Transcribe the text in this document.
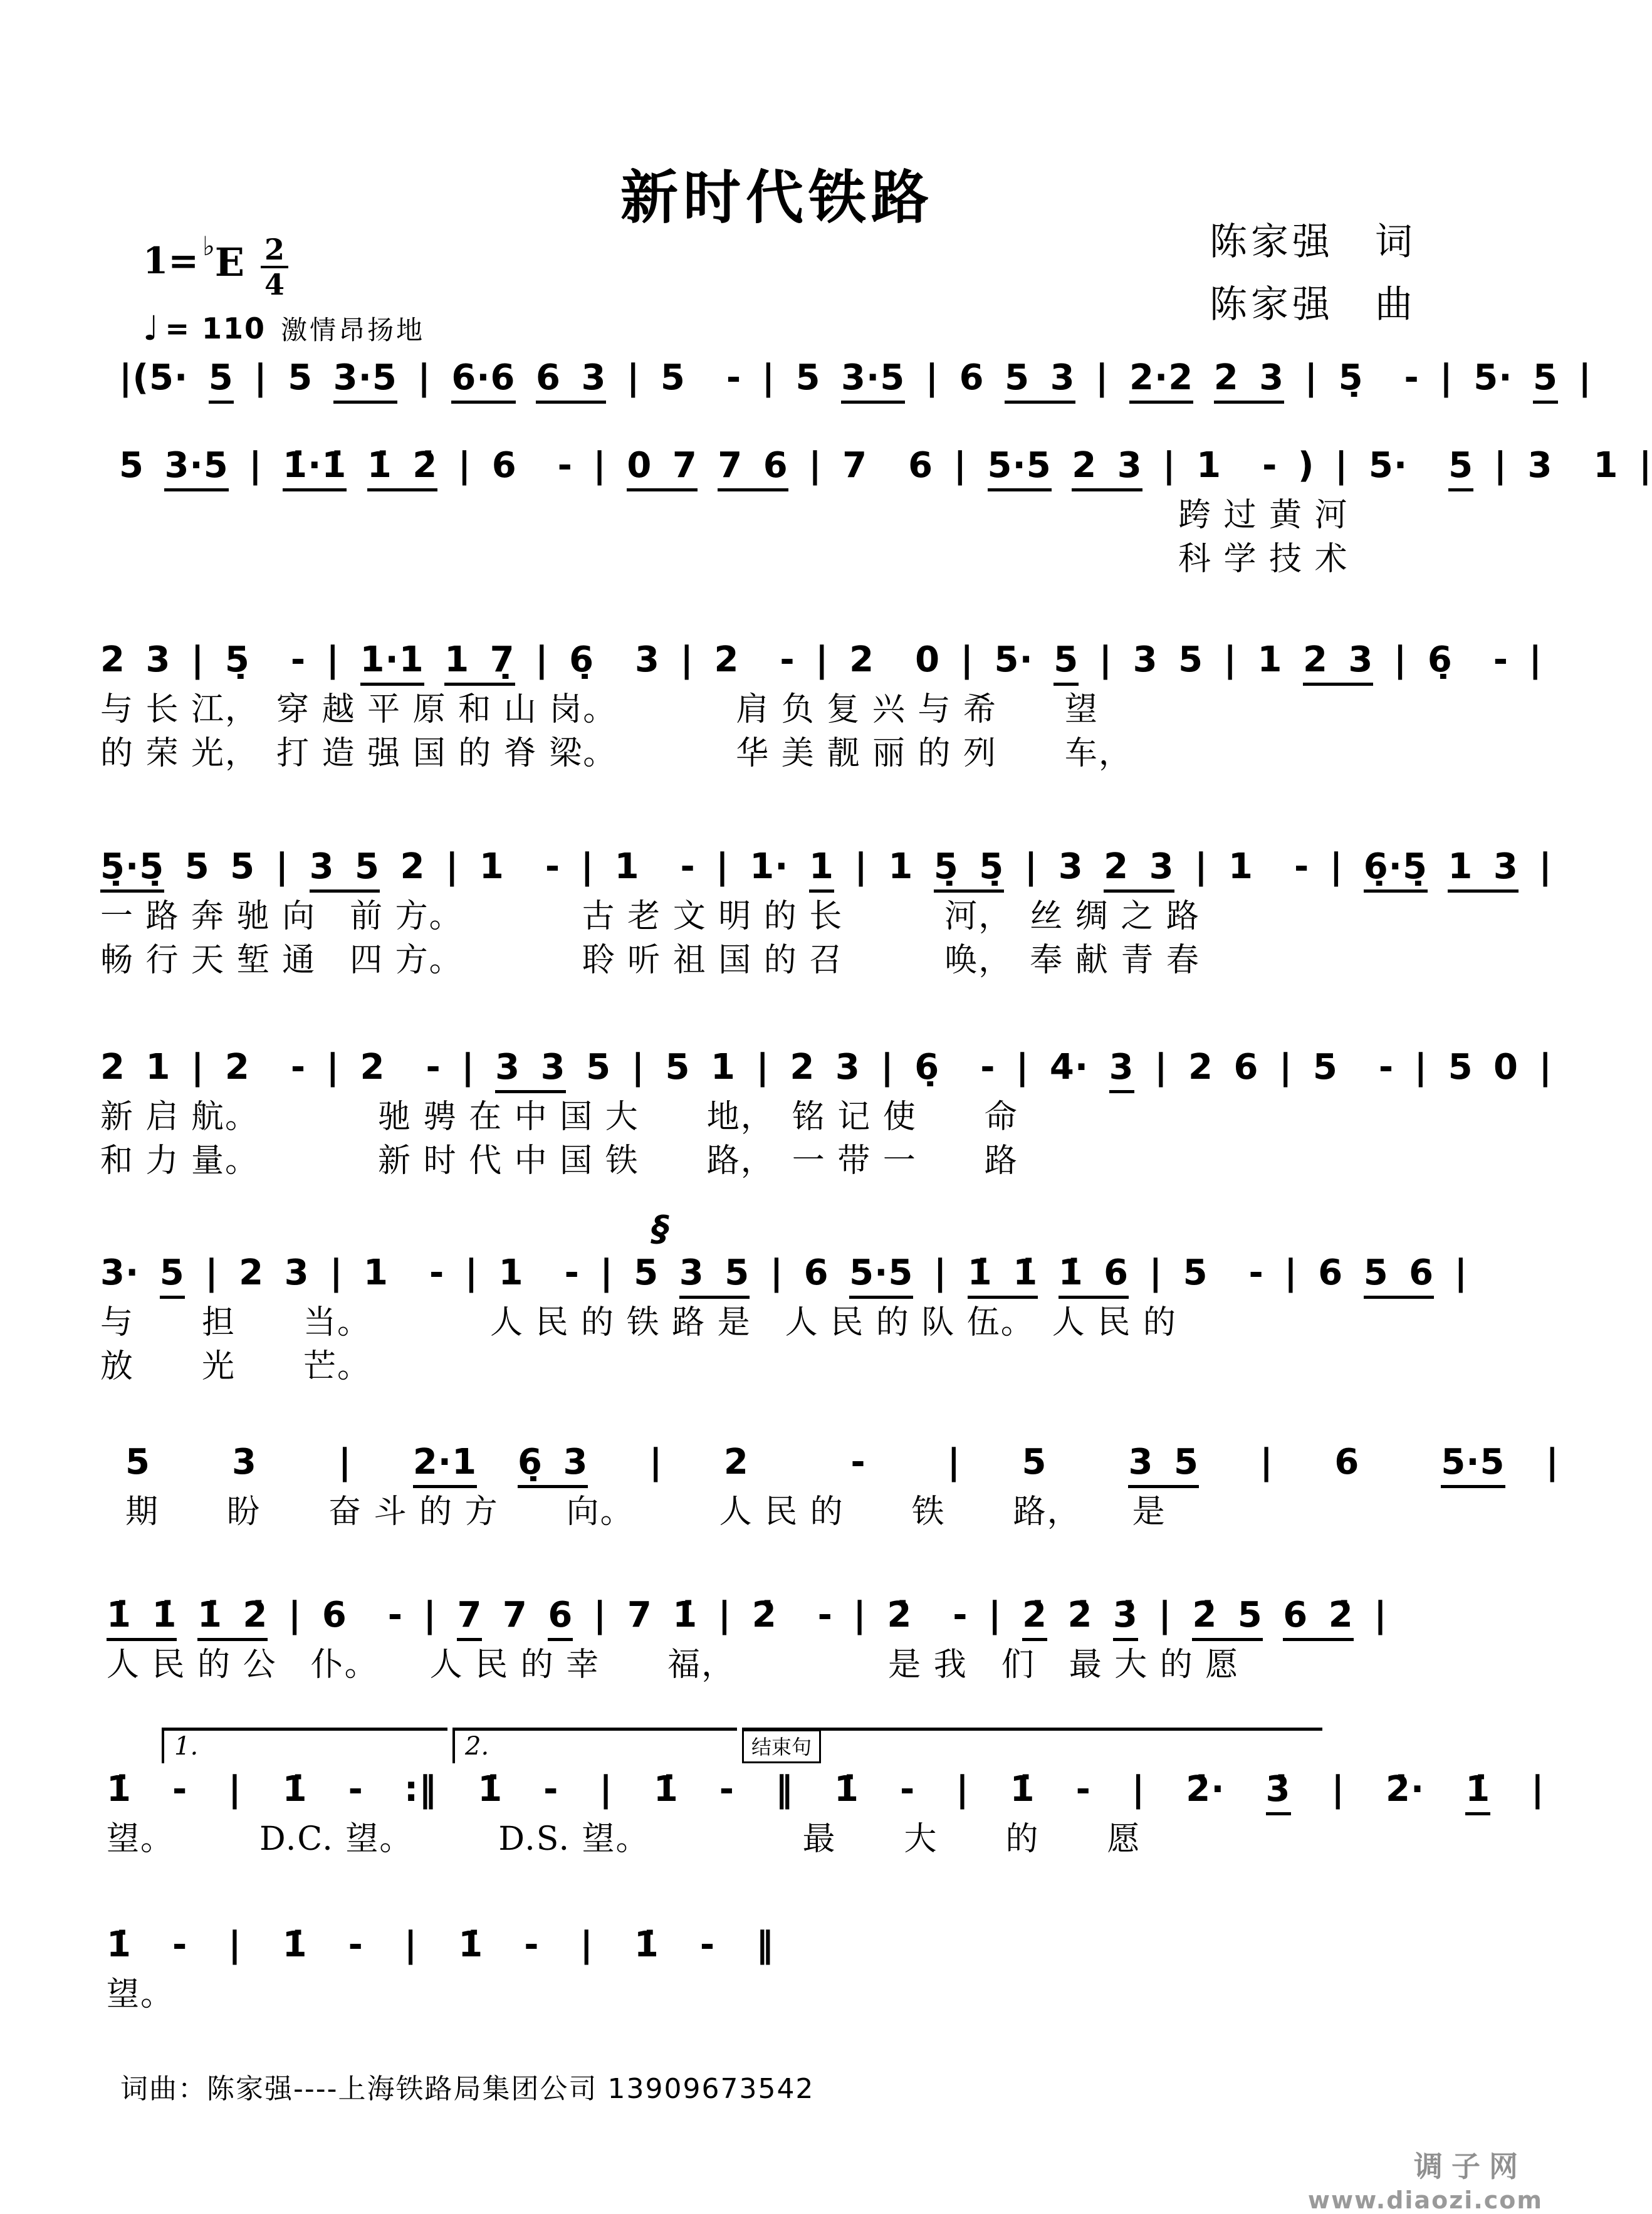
新时代铁路
陈家强　词
陈家强　曲
1= ♭ E $\frac{2}{4}$
♩ = 110 激情昂扬地
|(5· 5 | 5 3·5 | 6·6 6 3 | 5  - | 5 3·5 | 6 5 3 | 2·2 2 3 | 5̣  - | 5· 5 |
5 3·5 | 1̇·1̇ 1̇ 2̇ | 6  - | 0 7 7 6 | 7  6 | 5·5 2 3 | 1  - ) | 5·  5 | 3  1 |
跨 过 黄 河
科 学 技 术
2 3 | 5̣  - | 1·1 1 7̣ | 6̣  3 | 2  - | 2  0 | 5· 5 | 3 5 | 1 2 3 | 6̣  - |
与 长 江，　穿 越 平 原 和 山 岗。　　　　肩 负 复 兴 与 希　　望
的 荣 光，　打 造 强 国 的 脊 梁。　　　　华 美 靓 丽 的 列　　车，
5̣·5̣ 5 5 | 3 5 2 | 1  - | 1  - | 1· 1 | 1 5̣ 5̣ | 3 2 3 | 1  - | 6̣·5̣ 1 3 |
一 路 奔 驰 向　前 方。　　　　古 老 文 明 的 长　　　河，　丝 绸 之 路
畅 行 天 堑 通　四 方。　　　　聆 听 祖 国 的 召　　　唤，　奉 献 青 春
2 1 | 2  - | 2  - | 3 3 5 | 5 1 | 2 3 | 6̣  - | 4· 3 | 2 6 | 5  - | 5 0 |
新 启 航。　　　　驰 骋 在 中 国 大　　地，　铭 记 使　　命
和 力 量。　　　　新 时 代 中 国 铁　　路，　一 带 一　　路
§
3· 5 | 2 3 | 1  - | 1  - | 5 3 5 | 6 5·5 | 1̇ 1̇ 1̇ 6 | 5  - | 6 5 6 |
与　　担　　当。　　　　人 民 的 铁 路 是　人 民 的 队 伍。　人 民 的
放　　光　　芒。
5    3    |   2·1 6̣ 3   |   2     -    |   5    3 5   |   6    5·5  |
期　　盼　　奋 斗 的 方　　向。　　　人 民 的　　铁　　路，　　是
1̇ 1̇ 1̇ 2̇ | 6  - | 7 7 6 | 7 1̇ | 2̇  - | 2̇  - | 2̇ 2̇ 3̇ | 2̇ 5 6 2̇ |
人 民 的 公　仆。　　人 民 的 幸　　福，　　　　　是 我　们　最 大 的 愿
1.	2.	结束句
1̇  -  |  1̇  -  :‖  1̇  -  |  1̇  -  ‖  1̇  -  |  1̇  -  |  2̇·  3̇  |  2̇·  1̇  |
望。　　　D.C. 望。　　　D.S. 望。　　　　　最　　大　　的　　愿
1̇  -  |  1̇  -  |  1̇  -  |  1̇  -  ‖
望。
词曲：陈家强----上海铁路局集团公司 13909673542
调子网
www.diaozi.com
